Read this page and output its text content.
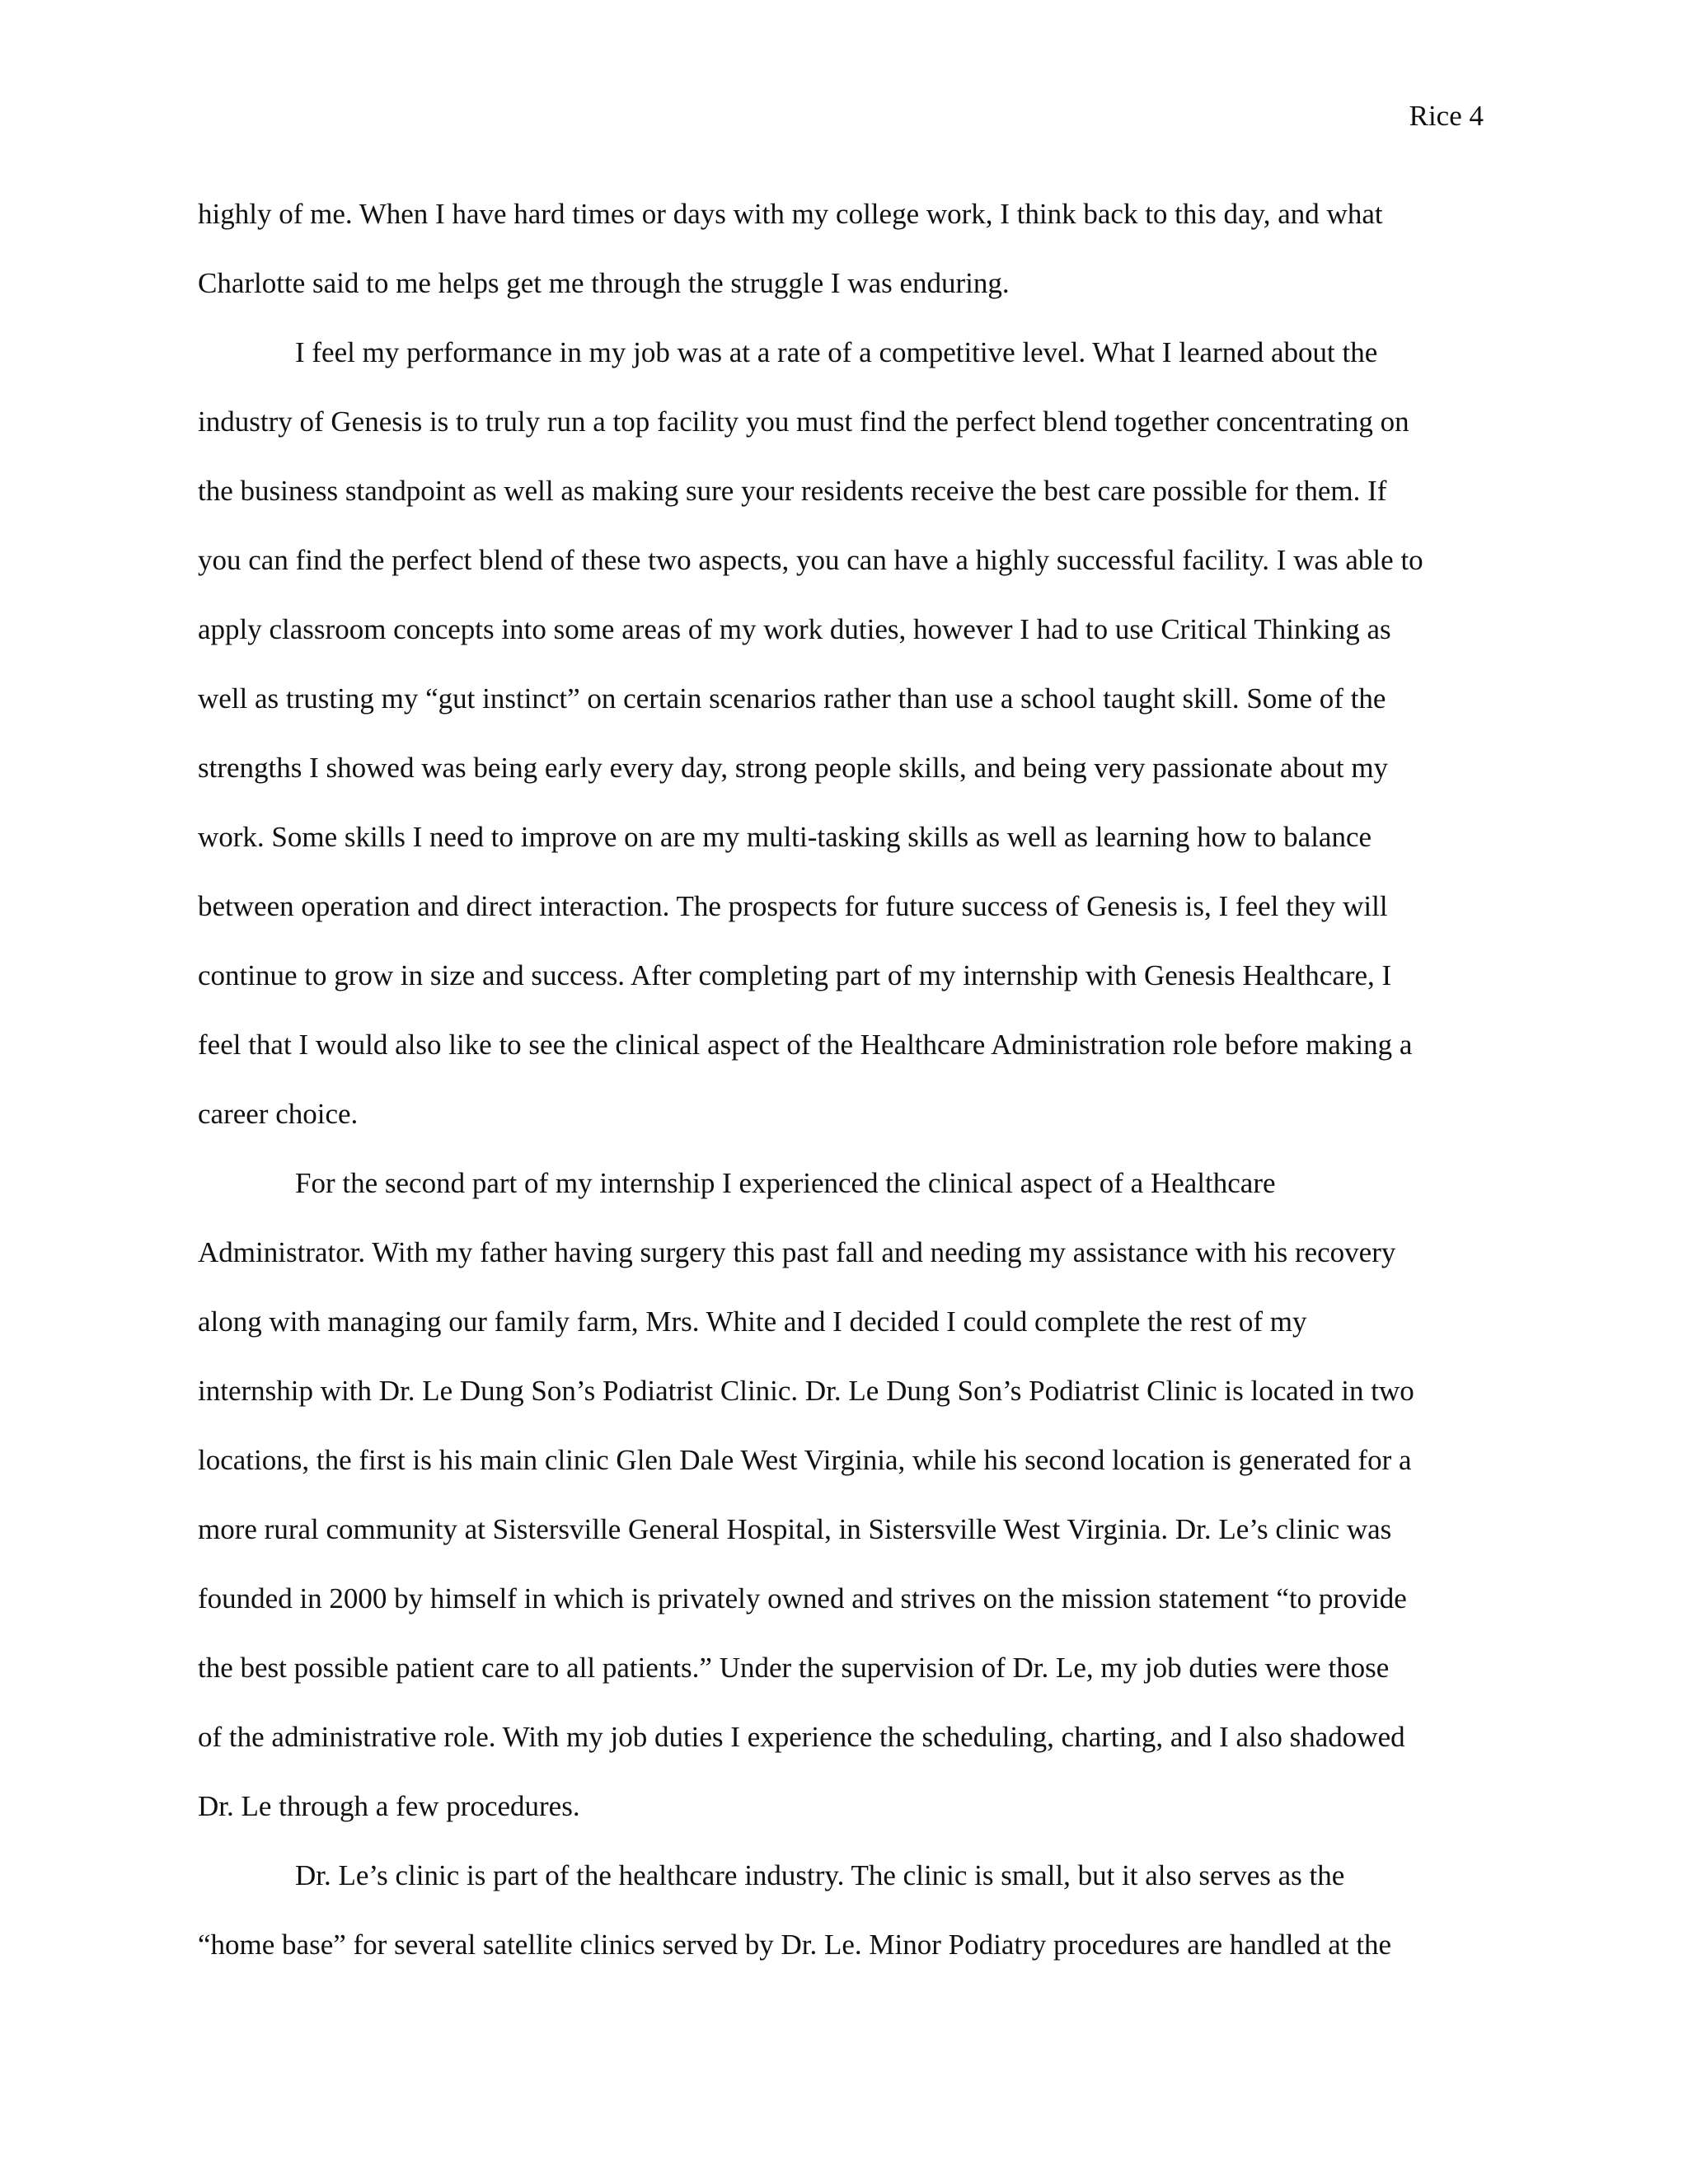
Rice 4
highly of me. When I have hard times or days with my college work, I think back to this day, and what
Charlotte said to me helps get me through the struggle I was enduring.
I feel my performance in my job was at a rate of a competitive level. What I learned about the
industry of Genesis is to truly run a top facility you must find the perfect blend together concentrating on
the business standpoint as well as making sure your residents receive the best care possible for them. If
you can find the perfect blend of these two aspects, you can have a highly successful facility. I was able to
apply classroom concepts into some areas of my work duties, however I had to use Critical Thinking as
well as trusting my “gut instinct” on certain scenarios rather than use a school taught skill. Some of the
strengths I showed was being early every day, strong people skills, and being very passionate about my
work. Some skills I need to improve on are my multi-tasking skills as well as learning how to balance
between operation and direct interaction. The prospects for future success of Genesis is, I feel they will
continue to grow in size and success. After completing part of my internship with Genesis Healthcare, I
feel that I would also like to see the clinical aspect of the Healthcare Administration role before making a
career choice.
For the second part of my internship I experienced the clinical aspect of a Healthcare
Administrator. With my father having surgery this past fall and needing my assistance with his recovery
along with managing our family farm, Mrs. White and I decided I could complete the rest of my
internship with Dr. Le Dung Son’s Podiatrist Clinic. Dr. Le Dung Son’s Podiatrist Clinic is located in two
locations, the first is his main clinic Glen Dale West Virginia, while his second location is generated for a
more rural community at Sistersville General Hospital, in Sistersville West Virginia. Dr. Le’s clinic was
founded in 2000 by himself in which is privately owned and strives on the mission statement “to provide
the best possible patient care to all patients.” Under the supervision of Dr. Le, my job duties were those
of the administrative role. With my job duties I experience the scheduling, charting, and I also shadowed
Dr. Le through a few procedures.
Dr. Le’s clinic is part of the healthcare industry. The clinic is small, but it also serves as the
“home base” for several satellite clinics served by Dr. Le. Minor Podiatry procedures are handled at the
